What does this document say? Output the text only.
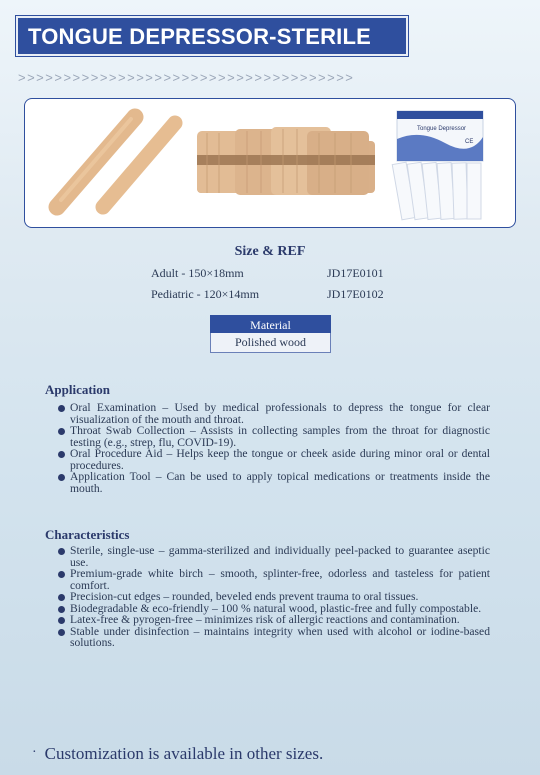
TONGUE DEPRESSOR-STERILE
>>>>>>>>>>>>>>>>>>>>>>>>>>>>>>>>>>>>>
Tongue Depressor
CE
Size & REF
Adult - 150×18mm	JD17E0101
Pediatric - 120×14mm	JD17E0102
Material
Polished wood
Application
Oral Examination – Used by medical professionals to depress the tongue for clear visualization of the mouth and throat.
Throat Swab Collection – Assists in collecting samples from the throat for diagnostic testing (e.g., strep, flu, COVID-19).
Oral Procedure Aid – Helps keep the tongue or cheek aside during minor oral or dental procedures.
Application Tool – Can be used to apply topical medications or treatments inside the mouth.
Characteristics
Sterile, single-use – gamma-sterilized and individually peel-packed to guarantee aseptic use.
Premium-grade white birch – smooth, splinter-free, odorless and tasteless for patient comfort.
Precision-cut edges – rounded, beveled ends prevent trauma to oral tissues.
Biodegradable & eco-friendly – 100 % natural wood, plastic-free and fully compostable.
Latex-free & pyrogen-free – minimizes risk of allergic reactions and contamination.
Stable under disinfection – maintains integrity when used with alcohol or iodine-based solutions.
· Customization is available in other sizes.
